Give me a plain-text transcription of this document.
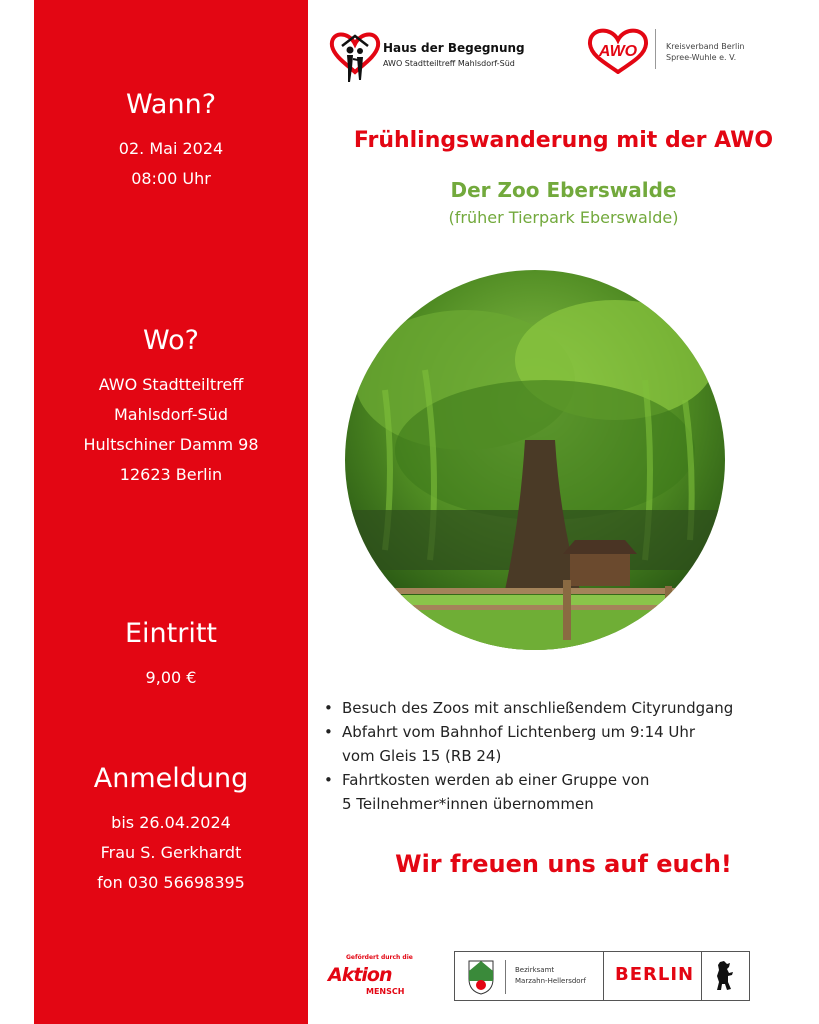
Wann?
02. Mai 2024
08:00 Uhr
Wo?
AWO Stadtteiltreff
Mahlsdorf-Süd
Hultschiner Damm 98
12623 Berlin
Eintritt
9,00 €
Anmeldung
bis 26.04.2024
Frau S. Gerkhardt
fon 030 56698395
Haus der Begegnung
AWO Stadtteiltreff Mahlsdorf-Süd
AWO	Kreisverband Berlin
Spree-Wuhle e. V.
Frühlingswanderung mit der AWO
Der Zoo Eberswalde
(früher Tierpark Eberswalde)
• Besuch des Zoos mit anschließendem Cityrundgang
• Abfahrt vom Bahnhof Lichtenberg um 9:14 Uhr
vom Gleis 15 (RB 24)
• Fahrtkosten werden ab einer Gruppe von
5 Teilnehmer*innen übernommen
Wir freuen uns auf euch!
Gefördert durch die
Aktion
MENSCH
Bezirksamt
Marzahn-Hellersdorf BERLIN
